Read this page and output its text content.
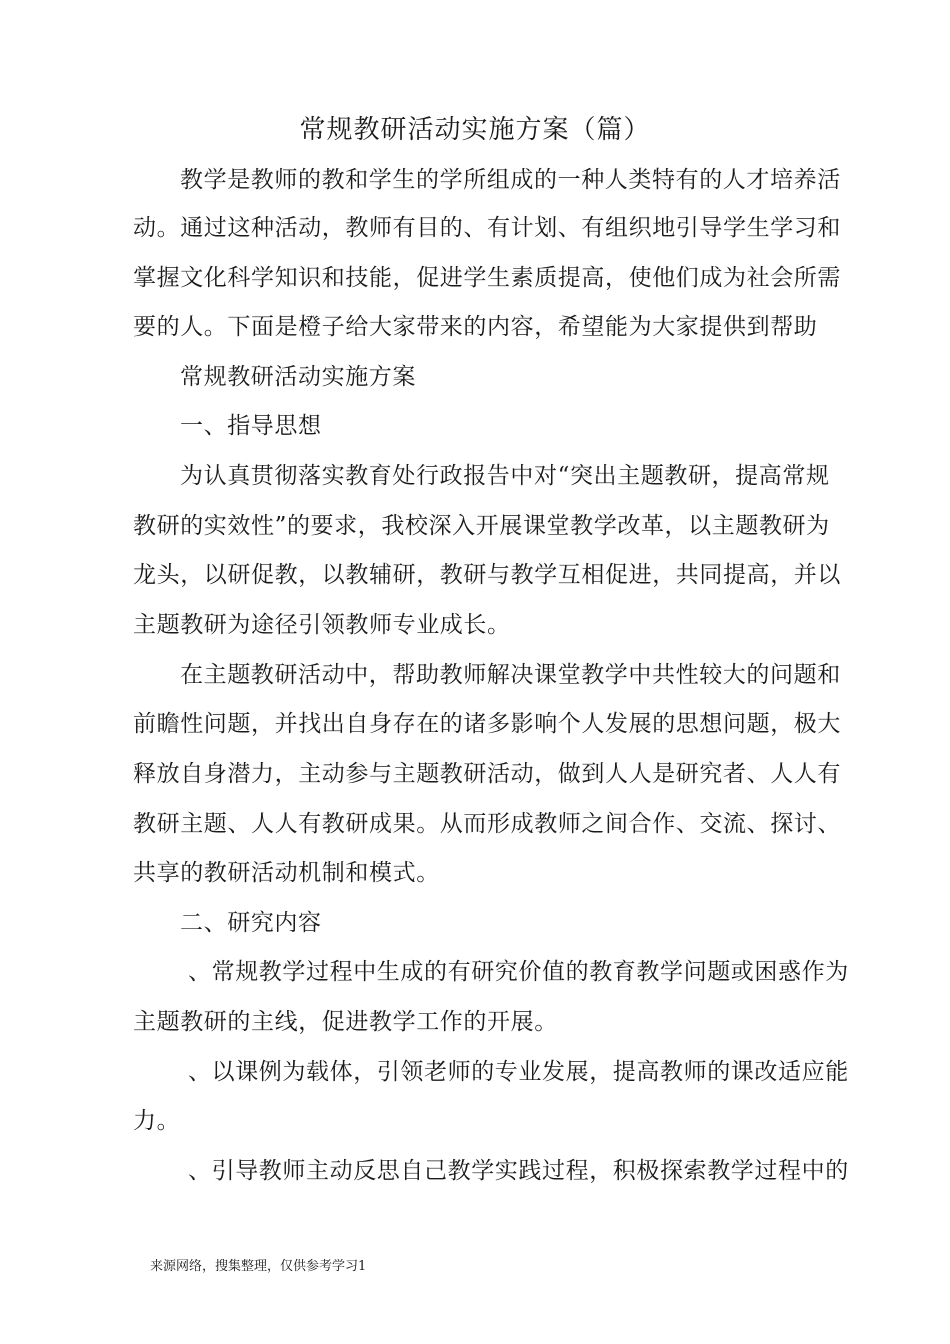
常规教研活动实施方案（篇）
教学是教师的教和学生的学所组成的一种人类特有的人才培养活
动。通过这种活动，教师有目的、有计划、有组织地引导学生学习和
掌握文化科学知识和技能，促进学生素质提高，使他们成为社会所需
要的人。下面是橙子给大家带来的内容，希望能为大家提供到帮助
常规教研活动实施方案
一、指导思想
为认真贯彻落实教育处行政报告中对“突出主题教研，提高常规
教研的实效性”的要求，我校深入开展课堂教学改革，以主题教研为
龙头，以研促教，以教辅研，教研与教学互相促进，共同提高，并以
主题教研为途径引领教师专业成长。
在主题教研活动中，帮助教师解决课堂教学中共性较大的问题和
前瞻性问题，并找出自身存在的诸多影响个人发展的思想问题，极大
释放自身潜力，主动参与主题教研活动，做到人人是研究者、人人有
教研主题、人人有教研成果。从而形成教师之间合作、交流、探讨、
共享的教研活动机制和模式。
二、研究内容
、常规教学过程中生成的有研究价值的教育教学问题或困惑作为
主题教研的主线，促进教学工作的开展。
、以课例为载体，引领老师的专业发展，提高教师的课改适应能
力。
、引导教师主动反思自己教学实践过程，积极探索教学过程中的
来源网络，搜集整理，仅供参考学习1
